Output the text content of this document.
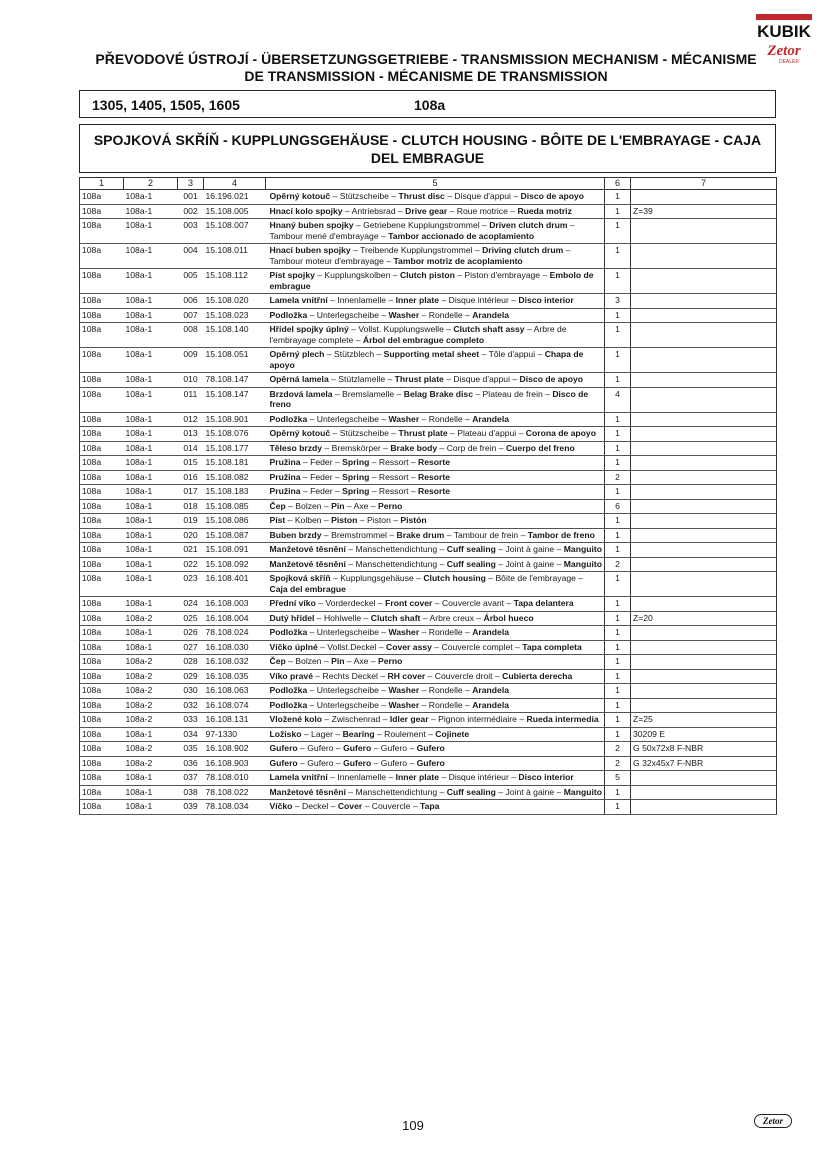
KUBIK
Zetor
DEALER
PŘEVODOVÉ ÚSTROJÍ - ÜBERSETZUNGSGETRIEBE - TRANSMISSION MECHANISM - MÉCANISME DE TRANSMISSION - MÉCANISME DE TRANSMISSION
1305, 1405, 1505, 1605	108a
SPOJKOVÁ SKŘÍŇ - KUPPLUNGSGEHÄUSE - CLUTCH HOUSING - BÔITE DE L'EMBRAYAGE - CAJA DEL EMBRAGUE
1	2	3	4	5	6	7
108a	108a-1	001	16.196.021	Opěrný kotouč – Stützscheibe – Thrust disc – Disque d'appui – Disco de apoyo	1	
108a	108a-1	002	15.108.005	Hnací kolo spojky – Antriebsrad – Drive gear – Roue motrice – Rueda motriz	1	Z=39
108a	108a-1	003	15.108.007	Hnaný buben spojky – Getriebene Kupplungstrommel – Driven clutch drum – Tambour mené d'embrayage – Tambor accionado de acoplamiento	1	
108a	108a-1	004	15.108.011	Hnací buben spojky – Treibende Kupplungstrommel – Driving clutch drum – Tambour moteur d'embrayage – Tambor motriz de acoplamiento	1	
108a	108a-1	005	15.108.112	Píst spojky – Kupplungskolben – Clutch piston – Piston d'embrayage – Embolo de embrague	1	
108a	108a-1	006	15.108.020	Lamela vnitřní – Innenlamelle – Inner plate – Disque intérieur – Disco interior	3	
108a	108a-1	007	15.108.023	Podložka – Unterlegscheibe – Washer – Rondelle – Arandela	1	
108a	108a-1	008	15.108.140	Hřídel spojky úplný – Vollst. Kupplungswelle – Clutch shaft assy – Arbre de l'embrayage complete – Árbol del embrague completo	1	
108a	108a-1	009	15.108.051	Opěrný plech – Stützblech – Supporting metal sheet – Tôle d'appui – Chapa de apoyo	1	
108a	108a-1	010	78.108.147	Opěrná lamela – Stützlamelle – Thrust plate – Disque d'appui – Disco de apoyo	1	
108a	108a-1	011	15.108.147	Brzdová lamela – Bremslamelle – Belag Brake disc – Plateau de frein – Disco de freno	4	
108a	108a-1	012	15.108.901	Podložka – Unterlegscheibe – Washer – Rondelle – Arandela	1	
108a	108a-1	013	15.108.076	Opěrný kotouč – Stützscheibe – Thrust plate – Plateau d'appui – Corona de apoyo	1	
108a	108a-1	014	15.108.177	Těleso brzdy – Bremskörper – Brake body – Corp de frein – Cuerpo del freno	1	
108a	108a-1	015	15.108.181	Pružina – Feder – Spring – Ressort – Resorte	1	
108a	108a-1	016	15.108.082	Pružina – Feder – Spring – Ressort – Resorte	2	
108a	108a-1	017	15.108.183	Pružina – Feder – Spring – Ressort – Resorte	1	
108a	108a-1	018	15.108.085	Čep – Bolzen – Pin – Axe – Perno	6	
108a	108a-1	019	15.108.086	Píst – Kolben – Piston – Piston – Pistón	1	
108a	108a-1	020	15.108.087	Buben brzdy – Bremstrommel – Brake drum – Tambour de frein – Tambor de freno	1	
108a	108a-1	021	15.108.091	Manžetové těsnění – Manschettendichtung – Cuff sealing – Joint à gaine – Manguito	1	
108a	108a-1	022	15.108.092	Manžetové těsnění – Manschettendichtung – Cuff sealing – Joint à gaine – Manguito	2	
108a	108a-1	023	16.108.401	Spojková skříň – Kupplungsgehäuse – Clutch housing – Bôite de l'embrayage – Caja del embrague	1	
108a	108a-1	024	16.108.003	Přední víko – Vorderdeckel – Front cover – Couvercle avant – Tapa delantera	1	
108a	108a-2	025	16.108.004	Dutý hřídel – Hohlwelle – Clutch shaft – Arbre creux – Árbol hueco	1	Z=20
108a	108a-1	026	78.108.024	Podložka – Unterlegscheibe – Washer – Rondelle – Arandela	1	
108a	108a-1	027	16.108.030	Víčko úplné – Vollst.Deckel – Cover assy – Couvercle complet – Tapa completa	1	
108a	108a-2	028	16.108.032	Čep – Bolzen – Pin – Axe – Perno	1	
108a	108a-2	029	16.108.035	Víko pravé – Rechts Deckel – RH cover – Couvercle droit – Cubierta derecha	1	
108a	108a-2	030	16.108.063	Podložka – Unterlegscheibe – Washer – Rondelle – Arandela	1	
108a	108a-2	032	16.108.074	Podložka – Unterlegscheibe – Washer – Rondelle – Arandela	1	
108a	108a-2	033	16.108.131	Vložené kolo – Zwischenrad – Idler gear – Pignon intermédiaire – Rueda intermedia	1	Z=25
108a	108a-1	034	97-1330	Ložisko – Lager – Bearing – Roulement – Cojinete	1	30209 E
108a	108a-2	035	16.108.902	Gufero – Gufero – Gufero – Gufero – Gufero	2	G 50x72x8 F-NBR
108a	108a-2	036	16.108.903	Gufero – Gufero – Gufero – Gufero – Gufero	2	G 32x45x7 F-NBR
108a	108a-1	037	78.108.010	Lamela vnitřní – Innenlamelle – Inner plate – Disque intérieur – Disco interior	5	
108a	108a-1	038	78.108.022	Manžetové těsnění – Manschettendichtung – Cuff sealing – Joint à gaine – Manguito	1	
108a	108a-1	039	78.108.034	Víčko – Deckel – Cover – Couvercle – Tapa	1	
109	Zetor
